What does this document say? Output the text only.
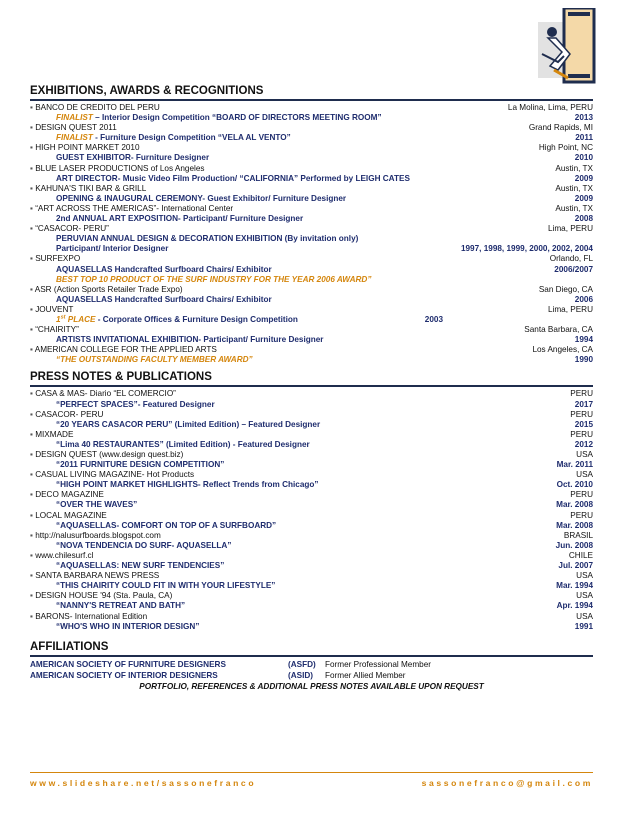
EXHIBITIONS, AWARDS & RECOGNITIONS
▪ BANCO DE CREDITO DEL PERU	La Molina, Lima, PERU
FINALIST – Interior Design Competition “BOARD OF DIRECTORS MEETING ROOM”	2013
▪ DESIGN QUEST 2011	Grand Rapids, MI
FINALIST - Furniture Design Competition “VELA AL VENTO”	2011
▪ HIGH POINT MARKET 2010	High Point, NC
GUEST EXHIBITOR- Furniture Designer	2010
▪ BLUE LASER PRODUCTIONS of Los Angeles	Austin, TX
ART DIRECTOR- Music Video Film Production/ “CALIFORNIA” Performed by LEIGH CATES	2009
▪ KAHUNA'S TIKI BAR & GRILL	Austin, TX
OPENING & INAUGURAL CEREMONY- Guest Exhibitor/ Furniture Designer	2009
▪ “ART ACROSS THE AMERICAS”- International Center	Austin, TX
2nd ANNUAL ART EXPOSITION- Participant/ Furniture Designer	2008
▪ “CASACOR- PERU”	Lima, PERU
PERUVIAN ANNUAL DESIGN & DECORATION EXHIBITION (By invitation only)
Participant/ Interior Designer	1997, 1998, 1999, 2000, 2002, 2004
▪ SURFEXPO	Orlando, FL
AQUASELLAS Handcrafted Surfboard Chairs/ Exhibitor	2006/2007
BEST TOP 10 PRODUCT OF THE SURF INDUSTRY FOR THE YEAR 2006 AWARD”
▪ ASR (Action Sports Retailer Trade Expo)	San Diego, CA
AQUASELLAS Handcrafted Surfboard Chairs/ Exhibitor	2006
▪ JOUVENT	Lima, PERU
1st PLACE - Corporate Offices & Furniture Design Competition	2003
▪ “CHAIRITY”	Santa Barbara, CA
ARTISTS INVITATIONAL EXHIBITION- Participant/ Furniture Designer	1994
▪ AMERICAN COLLEGE FOR THE APPLIED ARTS	Los Angeles, CA
“THE OUTSTANDING FACULTY MEMBER AWARD”	1990
PRESS NOTES & PUBLICATIONS
▪ CASA & MAS- Diario “EL COMERCIO”	PERU
“PERFECT SPACES”- Featured Designer	2017
▪ CASACOR- PERU	PERU
“20 YEARS CASACOR PERU” (Limited Edition) – Featured Designer	2015
▪ MIXMADE	PERU
“Lima 40 RESTAURANTES” (Limited Edition) - Featured Designer	2012
▪ DESIGN QUEST (www.design quest.biz)	USA
“2011 FURNITURE DESIGN COMPETITION”	Mar. 2011
▪ CASUAL LIVING MAGAZINE- Hot Products	USA
“HIGH POINT MARKET HIGHLIGHTS- Reflect Trends from Chicago”	Oct. 2010
▪ DECO MAGAZINE	PERU
“OVER THE WAVES”	Mar. 2008
▪ LOCAL MAGAZINE	PERU
“AQUASELLAS- COMFORT ON TOP OF A SURFBOARD”	Mar. 2008
▪ http://nalusurfboards.blogspot.com	BRASIL
“NOVA TENDENCIA DO SURF- AQUASELLA”	Jun. 2008
▪ www.chilesurf.cl	CHILE
“AQUASELLAS: NEW SURF TENDENCIES”	Jul. 2007
▪ SANTA BARBARA NEWS PRESS	USA
“THIS CHAIRITY COULD FIT IN WITH YOUR LIFESTYLE”	Mar. 1994
▪ DESIGN HOUSE '94 (Sta. Paula, CA)	USA
“NANNY'S RETREAT AND BATH”	Apr. 1994
▪ BARONS- International Edition	USA
“WHO'S WHO IN INTERIOR DESIGN”	1991
AFFILIATIONS
AMERICAN SOCIETY OF FURNITURE DESIGNERS	(ASFD) Former Professional Member
AMERICAN SOCIETY OF INTERIOR DESIGNERS	(ASID) Former Allied Member
PORTFOLIO, REFERENCES & ADDITIONAL PRESS NOTES AVAILABLE UPON REQUEST
www.slideshare.net/sassonefranco	sassonefranco@gmail.com
